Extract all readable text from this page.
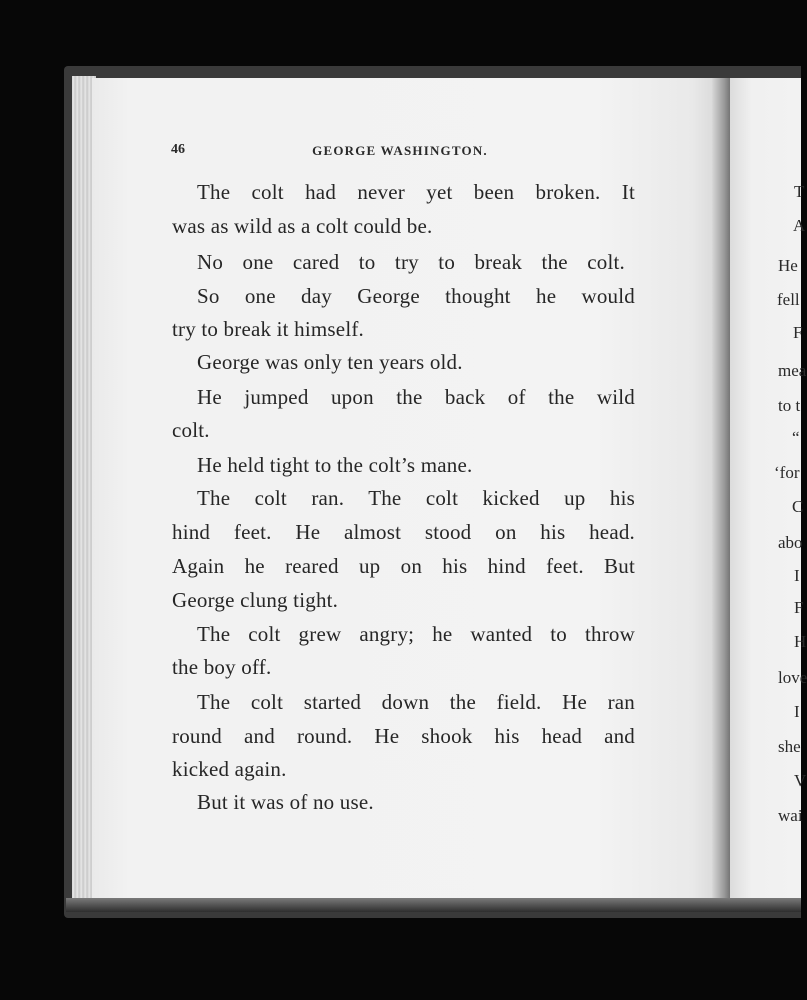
T
A
He
fell
F
mea
to t
“
‘for
C
abo
I
F
H
love
I
she
V
wai
46	GEORGE WASHINGTON.
The colt had never yet been broken. It
was as wild as a colt could be.
No one cared to try to break the colt.
So one day George thought he would
try to break it himself.
George was only ten years old.
He jumped upon the back of the wild
colt.
He held tight to the colt’s mane.
The colt ran. The colt kicked up his
hind feet. He almost stood on his head.
Again he reared up on his hind feet. But
George clung tight.
The colt grew angry; he wanted to throw
the boy off.
The colt started down the field. He ran
round and round. He shook his head and
kicked again.
But it was of no use.
